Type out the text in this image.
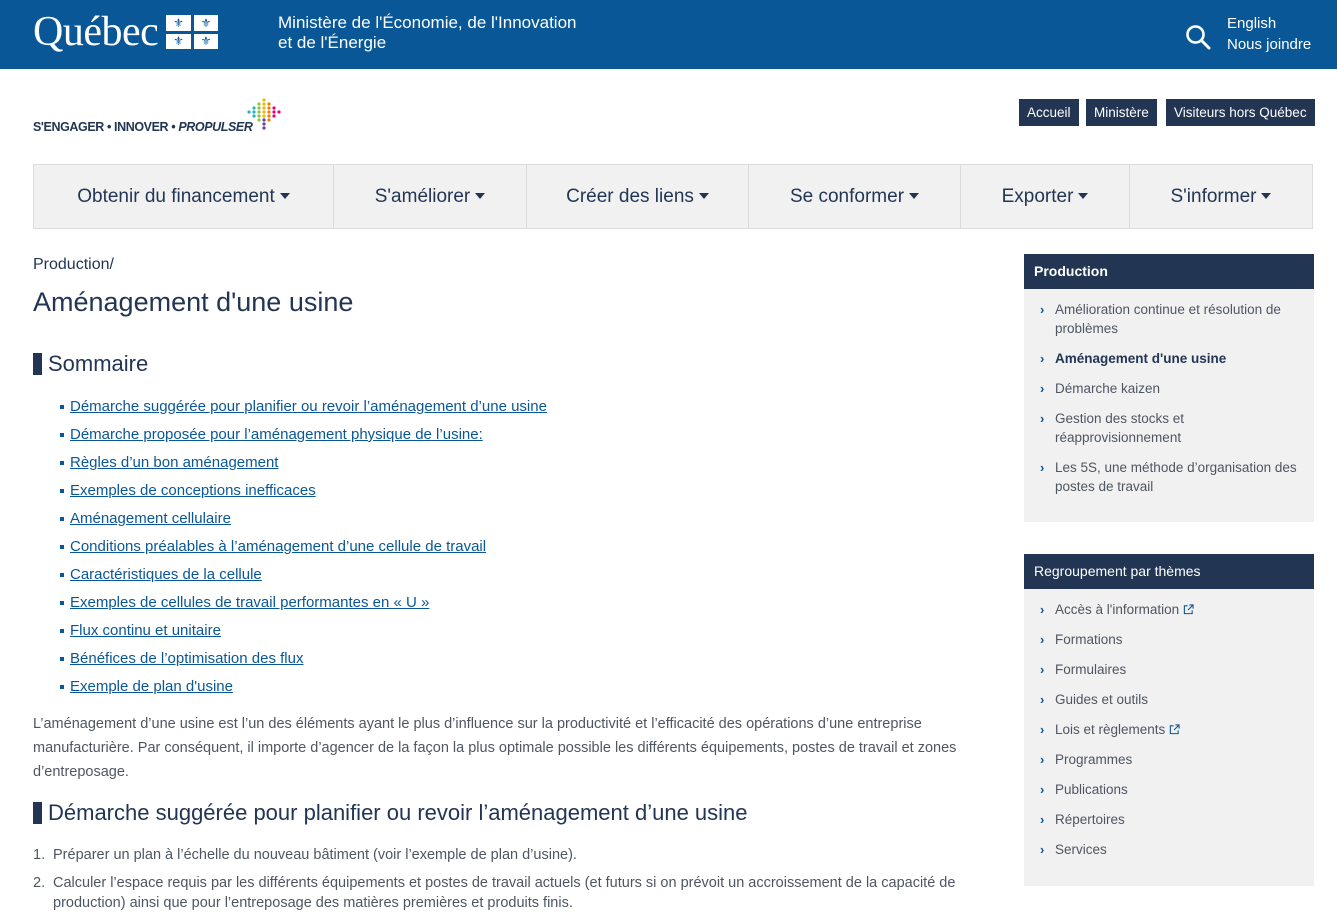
Québec	⚜	⚜
⚜	⚜
Ministère de l'Économie, de l'Innovation
et de l'Énergie
English
Nous joindre
S'ENGAGER • INNOVER • PROPULSER
Accueil	Ministère	Visiteurs hors Québec
Obtenir du financement	S'améliorer	Créer des liens	Se conformer	Exporter	S'informer
Production/
Aménagement d'une usine
Sommaire
Démarche suggérée pour planifier ou revoir l’aménagement d’une usine
Démarche proposée pour l’aménagement physique de l’usine:
Règles d’un bon aménagement
Exemples de conceptions inefficaces
Aménagement cellulaire
Conditions préalables à l’aménagement d’une cellule de travail
Caractéristiques de la cellule
Exemples de cellules de travail performantes en « U »
Flux continu et unitaire
Bénéfices de l’optimisation des flux
Exemple de plan d'usine

L’aménagement d’une usine est l’un des éléments ayant le plus d’influence sur la productivité et l’efficacité des opérations d’une entreprise manufacturière. Par conséquent, il importe d’agencer de la façon la plus optimale possible les différents équipements, postes de travail et zones d’entreposage.

Démarche suggérée pour planifier ou revoir l’aménagement d’une usine
1. Préparer un plan à l’échelle du nouveau bâtiment (voir l’exemple de plan d’usine).
2. Calculer l’espace requis par les différents équipements et postes de travail actuels (et futurs si on prévoit un accroissement de la capacité de production) ainsi que pour l’entreposage des matières premières et produits finis.
Production
› Amélioration continue et résolution de problèmes
› Aménagement d'une usine
› Démarche kaizen
› Gestion des stocks et réapprovisionnement
› Les 5S, une méthode d’organisation des postes de travail
Regroupement par thèmes
› Accès à l'information
› Formations
› Formulaires
› Guides et outils
› Lois et règlements
› Programmes
› Publications
› Répertoires
› Services
